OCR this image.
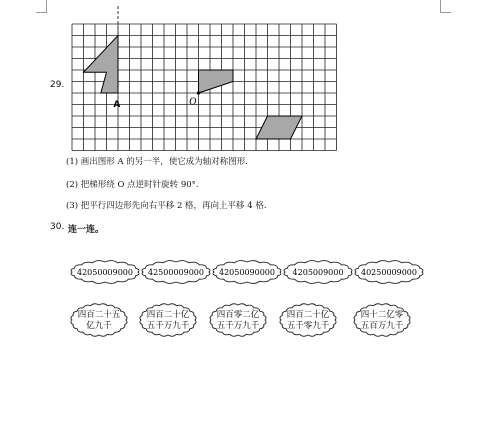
29.
A	O
42050009000 42500009000 42050090000 4205009000 40250009000
四百二十五
亿九千
四百二十亿
五千万九千
四百零二亿
五千万九千
四百二十亿
五千零九千
四十二亿零
五百万九千
(1) 画出图形 A 的另一半，使它成为轴对称图形.
(2) 把梯形绕 O 点逆时针旋转 90°.
(3) 把平行四边形先向右平移 2 格，再向上平移 4 格.
30. 连一连。
